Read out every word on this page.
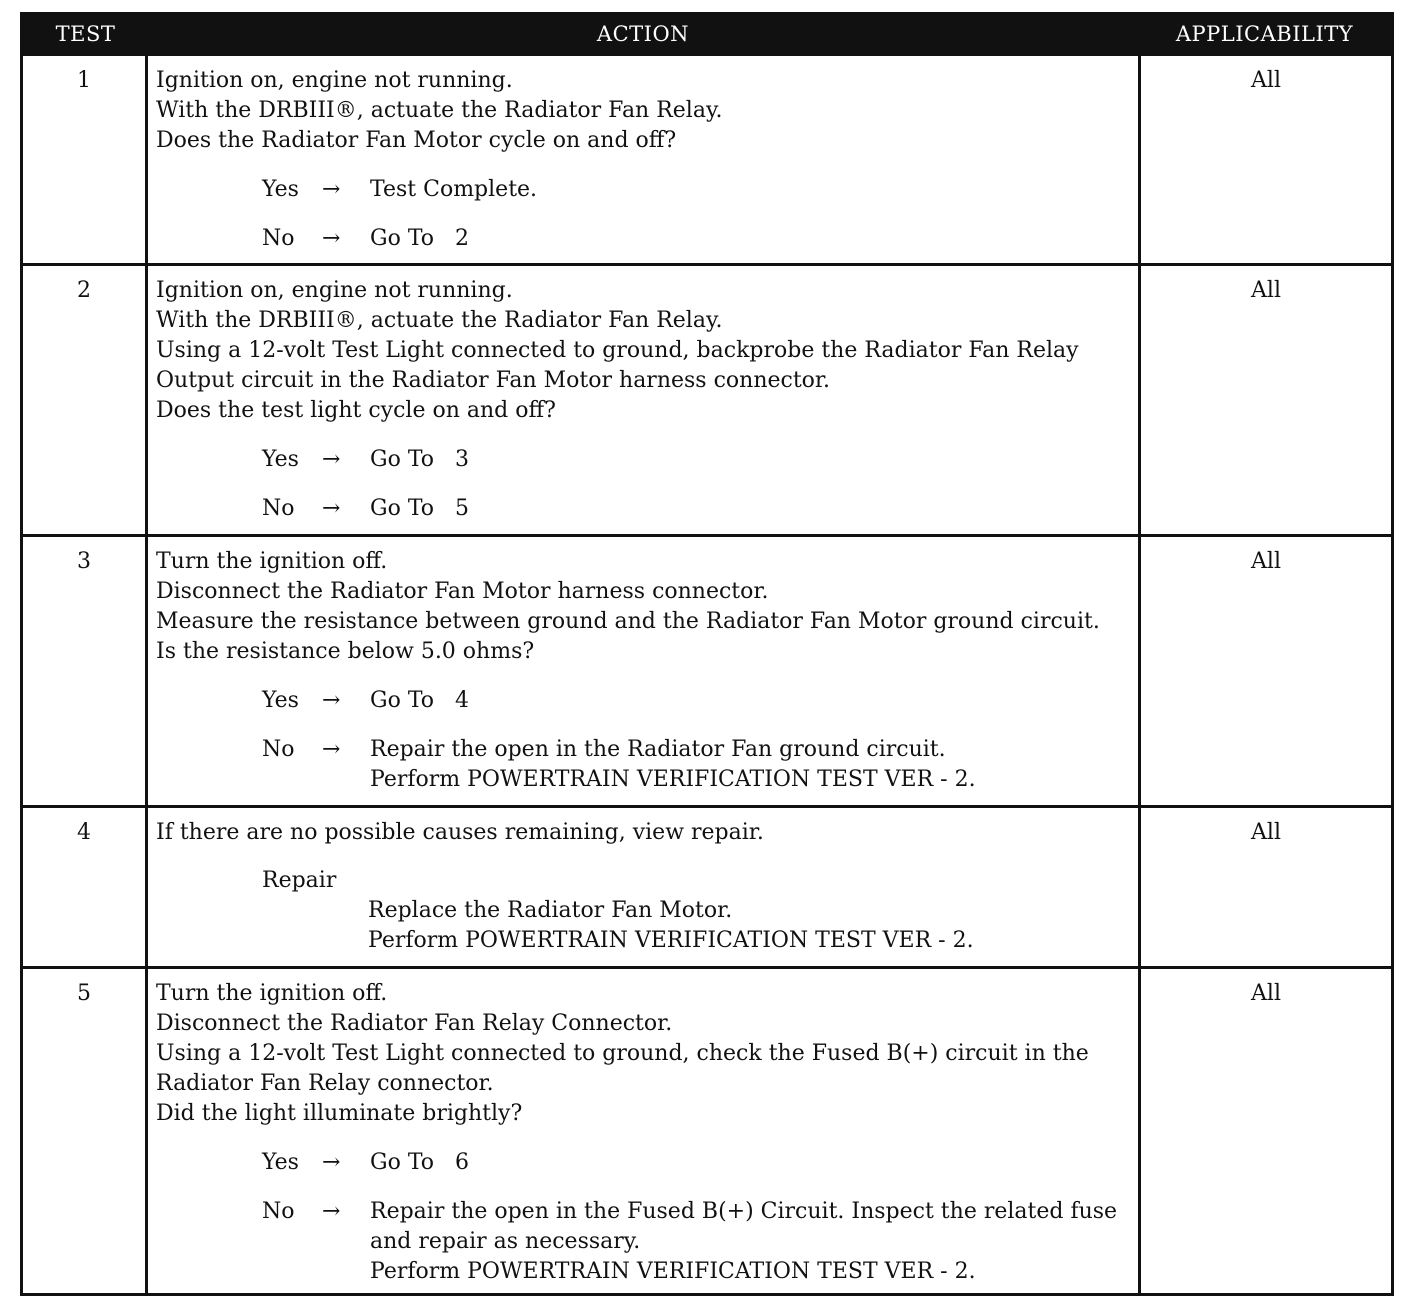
TEST	ACTION	APPLICABILITY
1	Ignition on, engine not running.
With the DRBIII®, actuate the Radiator Fan Relay.
Does the Radiator Fan Motor cycle on and off?
Yes	→	Test Complete.
No	→	Go To   2
All
2	Ignition on, engine not running.
With the DRBIII®, actuate the Radiator Fan Relay.
Using a 12-volt Test Light connected to ground, backprobe the Radiator Fan Relay
Output circuit in the Radiator Fan Motor harness connector.
Does the test light cycle on and off?
Yes	→	Go To   3
No	→	Go To   5
All
3	Turn the ignition off.
Disconnect the Radiator Fan Motor harness connector.
Measure the resistance between ground and the Radiator Fan Motor ground circuit.
Is the resistance below 5.0 ohms?
Yes	→	Go To   4
No	→	Repair the open in the Radiator Fan ground circuit.
Perform POWERTRAIN VERIFICATION TEST VER - 2.
All
4	If there are no possible causes remaining, view repair.
Repair
Replace the Radiator Fan Motor.
Perform POWERTRAIN VERIFICATION TEST VER - 2.
All
5	Turn the ignition off.
Disconnect the Radiator Fan Relay Connector.
Using a 12-volt Test Light connected to ground, check the Fused B(+) circuit in the
Radiator Fan Relay connector.
Did the light illuminate brightly?
Yes	→	Go To   6
No	→	Repair the open in the Fused B(+) Circuit. Inspect the related fuse
and repair as necessary.
Perform POWERTRAIN VERIFICATION TEST VER - 2.
All
